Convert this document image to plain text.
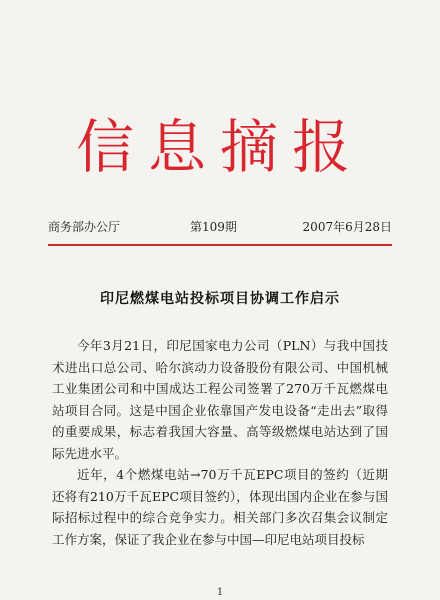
信息摘报
商务部办公厅	第109期	2007年6月28日
印尼燃煤电站投标项目协调工作启示

今年3月21日，印尼国家电力公司（PLN）与我中国技术进出口总公司、哈尔滨动力设备股份有限公司、中国机械工业集团公司和中国成达工程公司签署了270万千瓦燃煤电站项目合同。这是中国企业依靠国产发电设备“走出去”取得的重要成果，标志着我国大容量、高等级燃煤电站达到了国际先进水平。

近年，4个燃煤电站→70万千瓦EPC项目的签约（近期还将有210万千瓦EPC项目签约），体现出国内企业在参与国际招标过程中的综合竞争实力。相关部门多次召集会议制定工作方案，保证了我企业在参与中国—印尼电站项目投标

1
